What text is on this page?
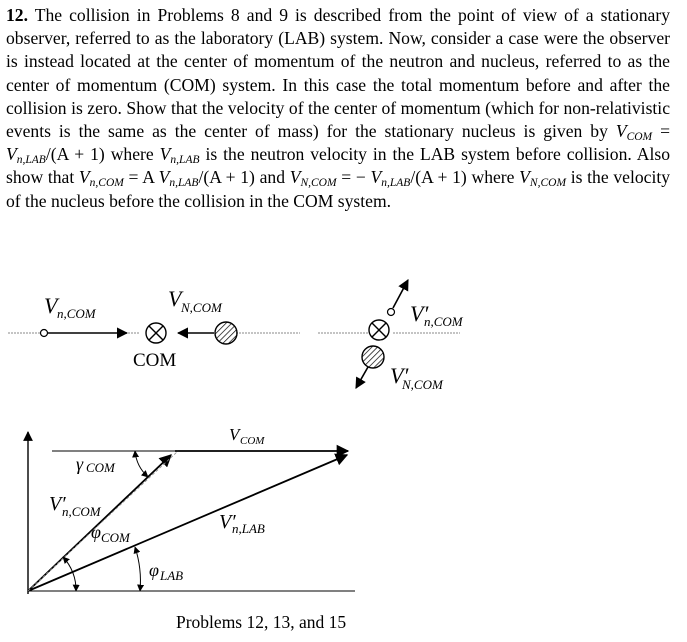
12. The collision in Problems 8 and 9 is described from the point of view of a stationary observer, referred to as the laboratory (LAB) system. Now, consider a case were the observer is instead located at the center of momentum of the neutron and nucleus, referred to as the center of momentum (COM) system. In this case the total momentum before and after the collision is zero. Show that the velocity of the center of momentum (which for non-relativistic events is the same as the center of mass) for the stationary nucleus is given by $V_{COM} = V_{n,LAB}/(A + 1)$ where $V_{n,LAB}$ is the neutron velocity in the LAB system before collision. Also show that $V_{n,COM} = A$ $V_{n,LAB}/(A + 1)$ and $V_{N,COM}$ = − $V_{n,LAB}/(A + 1)$ where $V_{N,COM}$ is the velocity of the nucleus before the collision in the COM system.
V n,COM
V N,COM
COM
V′
n,COM
V′
N,COM
V COM
γ COM
V′
n,COM
φ COM
V′
n,LAB
φ LAB
Problems 12, 13, and 15
